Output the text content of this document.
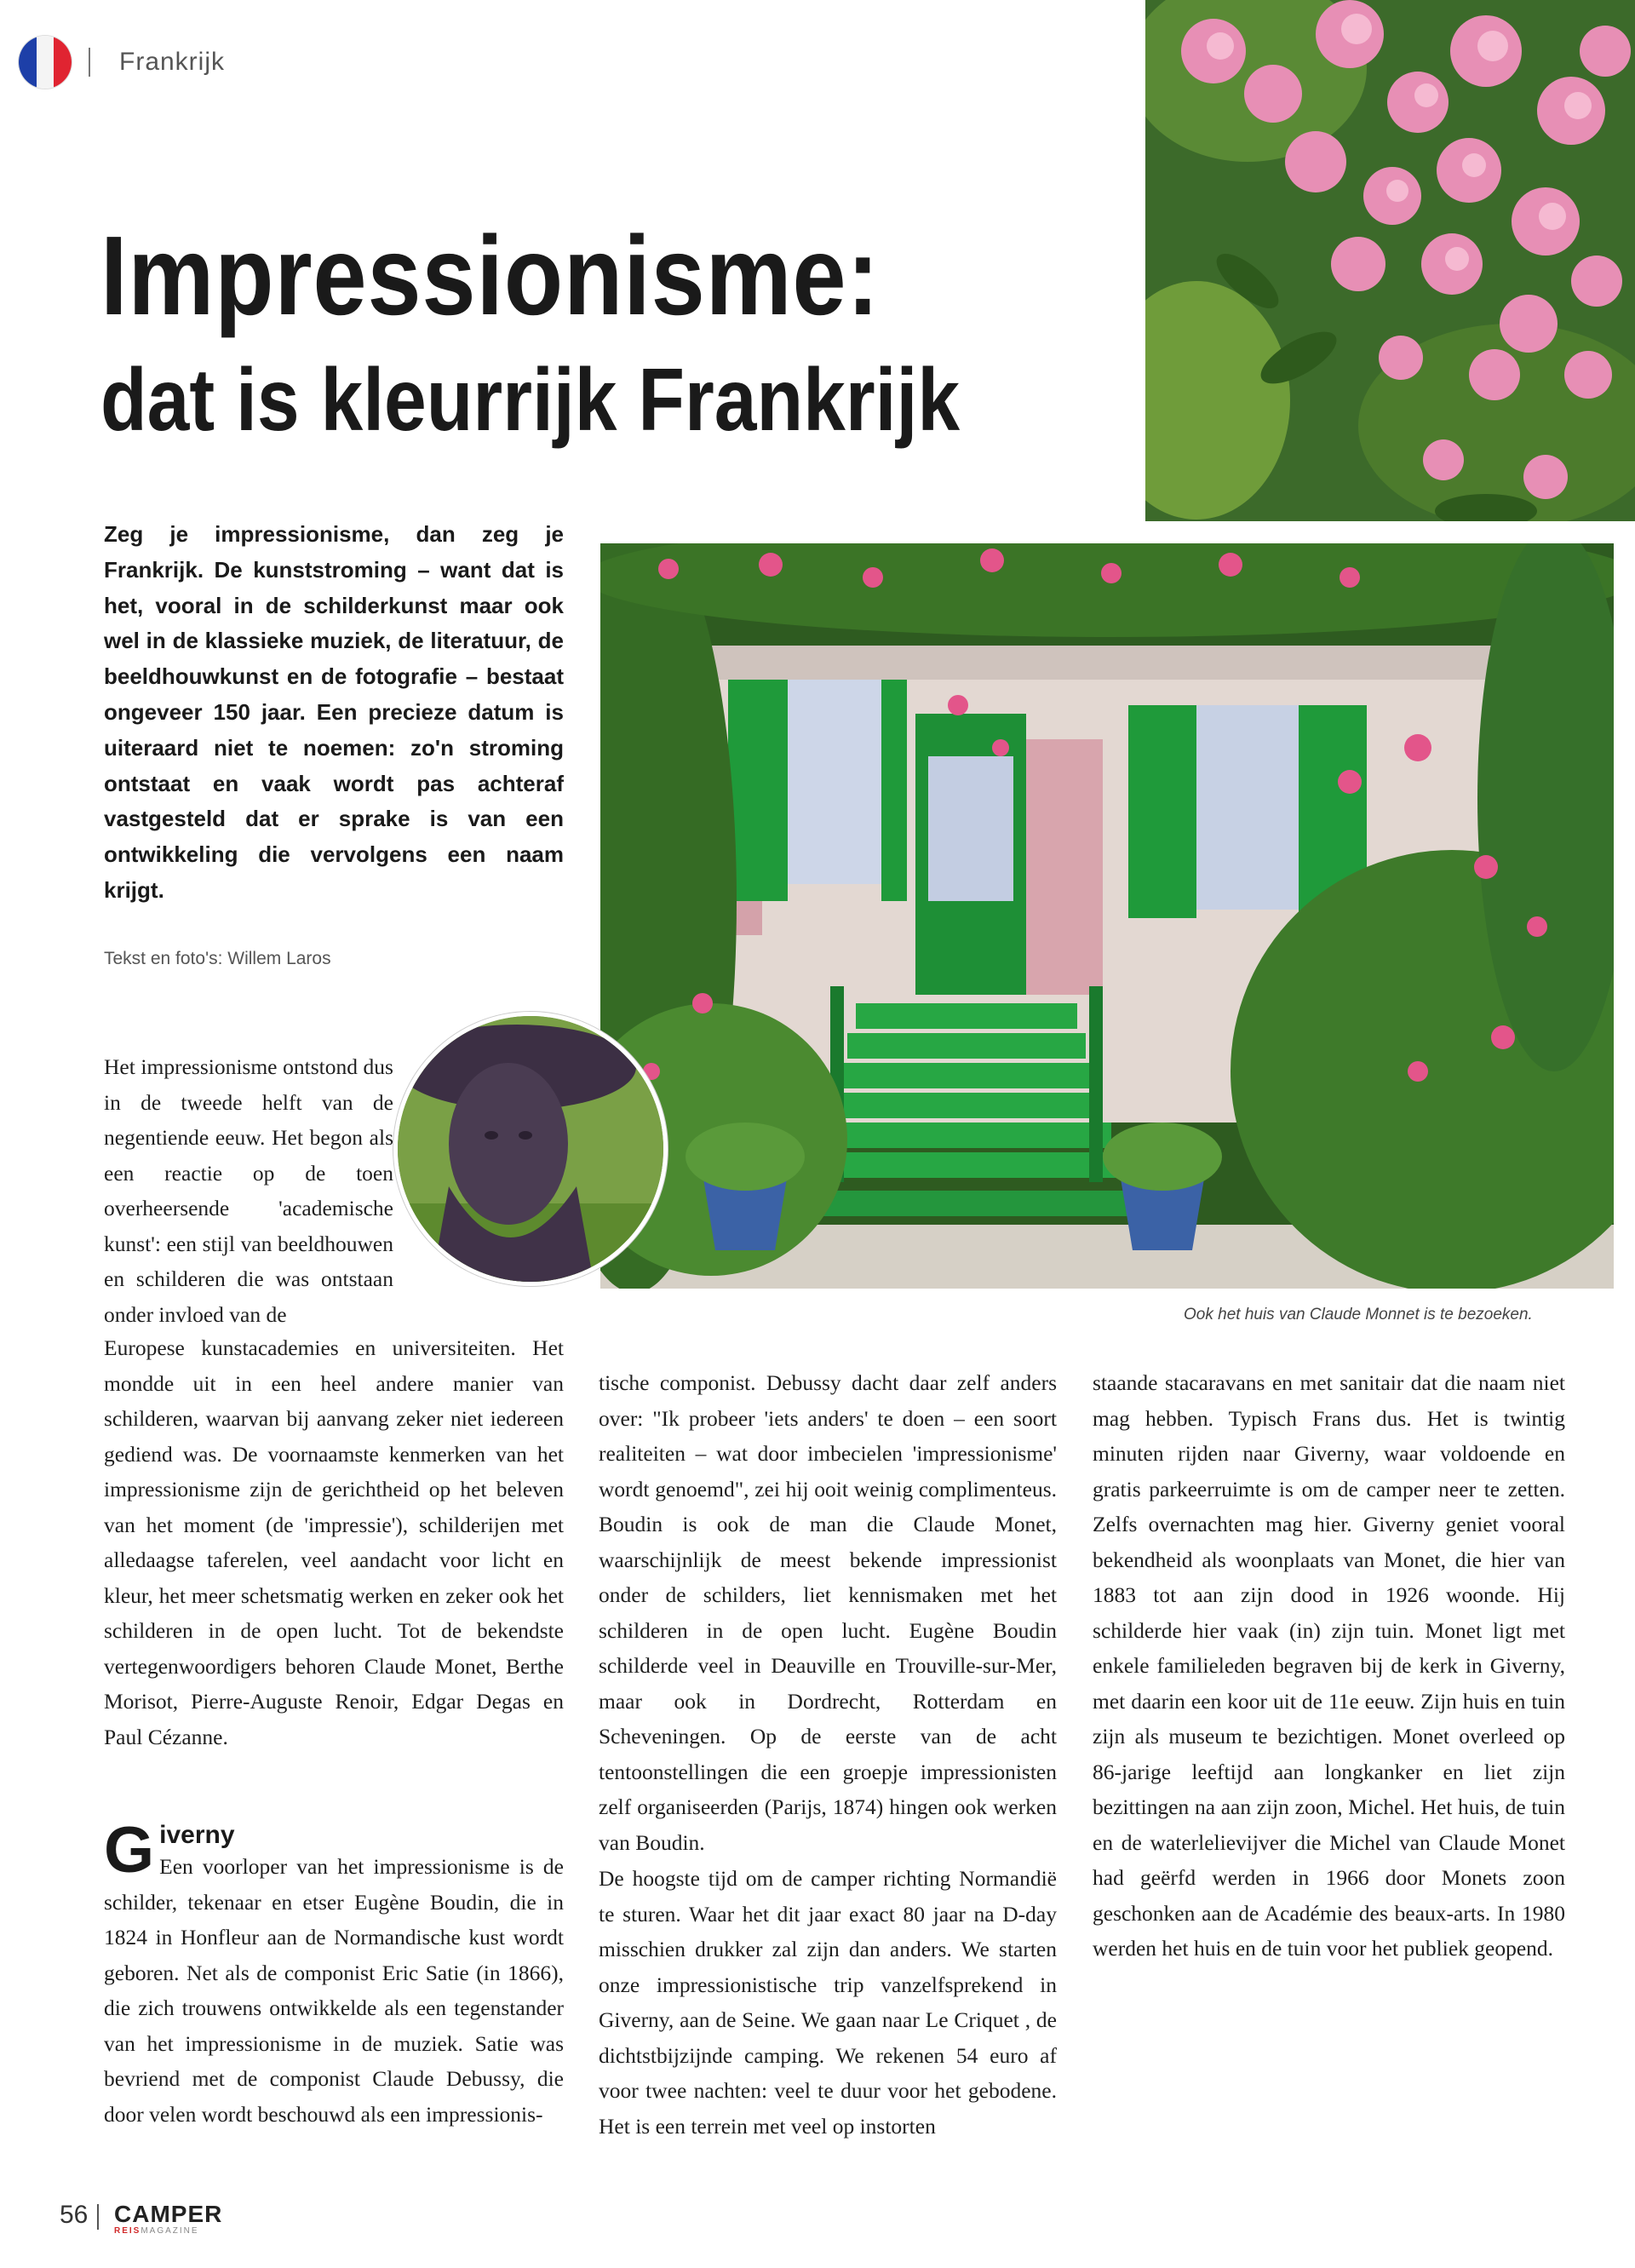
Frankrijk
Impressionisme:
dat is kleurrijk Frankrijk
Zeg je impressionisme, dan zeg je Frankrijk. De kunststroming – want dat is het, vooral in de schilderkunst maar ook wel in de klassieke muziek, de literatuur, de beeldhouwkunst en de fotografie – bestaat ongeveer 150 jaar. Een precieze datum is uiteraard niet te noemen: zo'n stroming ontstaat en vaak wordt pas achteraf vastgesteld dat er sprake is van een ontwikkeling die vervolgens een naam krijgt.
Tekst en foto's: Willem Laros
Ook het huis van Claude Monnet is te bezoeken.
Het impressionisme ontstond dus in de tweede helft van de negentiende eeuw. Het begon als een reactie op de toen overheersende 'academische kunst': een stijl van beeldhouwen en schilderen die was ontstaan onder invloed van de
Europese kunstacademies en universiteiten. Het mondde uit in een heel andere manier van schilderen, waarvan bij aanvang zeker niet iedereen gediend was. De voornaamste kenmerken van het impressionisme zijn de gerichtheid op het beleven van het moment (de 'impressie'), schilderijen met alledaagse taferelen, veel aandacht voor licht en kleur, het meer schetsmatig werken en zeker ook het schilderen in de open lucht. Tot de bekendste vertegenwoordigers behoren Claude Monet, Berthe Morisot, Pierre-Auguste Renoir, Edgar Degas en Paul Cézanne.
G iverny
Een voorloper van het impressionisme is de schilder, tekenaar en etser Eugène Boudin, die in 1824 in Honfleur aan de Normandische kust wordt geboren. Net als de componist Eric Satie (in 1866), die zich trouwens ontwikkelde als een tegenstander van het impressionisme in de muziek. Satie was bevriend met de componist Claude Debussy, die door velen wordt beschouwd als een impressionis-
tische componist. Debussy dacht daar zelf anders over: "Ik probeer 'iets anders' te doen – een soort realiteiten – wat door imbecielen 'impressionisme' wordt genoemd", zei hij ooit weinig complimenteus. Boudin is ook de man die Claude Monet, waarschijnlijk de meest bekende impressionist onder de schilders, liet kennismaken met het schilderen in de open lucht. Eugène Boudin schilderde veel in Deauville en Trouville-sur-Mer, maar ook in Dordrecht, Rotterdam en Scheveningen. Op de eerste van de acht tentoonstellingen die een groepje impressionisten zelf organiseerden (Parijs, 1874) hingen ook werken van Boudin.
De hoogste tijd om de camper richting Normandië te sturen. Waar het dit jaar exact 80 jaar na D-day misschien drukker zal zijn dan anders. We starten onze impressionistische trip vanzelfsprekend in Giverny, aan de Seine. We gaan naar Le Criquet , de dichtstbijzijnde camping. We rekenen 54 euro af voor twee nachten: veel te duur voor het gebodene. Het is een terrein met veel op instorten
staande stacaravans en met sanitair dat die naam niet mag hebben. Typisch Frans dus. Het is twintig minuten rijden naar Giverny, waar voldoende en gratis parkeerruimte is om de camper neer te zetten. Zelfs overnachten mag hier. Giverny geniet vooral bekendheid als woonplaats van Monet, die hier van 1883 tot aan zijn dood in 1926 woonde. Hij schilderde hier vaak (in) zijn tuin. Monet ligt met enkele familieleden begraven bij de kerk in Giverny, met daarin een koor uit de 11e eeuw. Zijn huis en tuin zijn als museum te bezichtigen. Monet overleed op 86-jarige leeftijd aan longkanker en liet zijn bezittingen na aan zijn zoon, Michel. Het huis, de tuin en de waterlelievijver die Michel van Claude Monet had geërfd werden in 1966 door Monets zoon geschonken aan de Académie des beaux-arts. In 1980 werden het huis en de tuin voor het publiek geopend.
56 CAMPER
REISMAGAZINE
